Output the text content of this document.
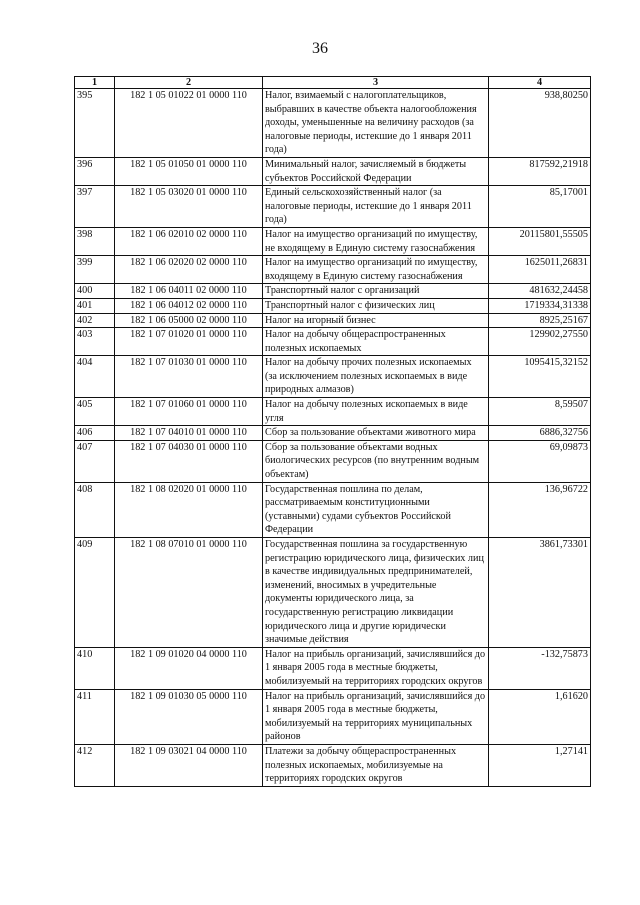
36
1	2	3	4
395	182 1 05 01022 01 0000 110	Налог, взимаемый с налогоплательщиков, выбравших в качестве объекта налогообложения доходы, уменьшенные на величину расходов (за налоговые периоды, истекшие до 1 января 2011 года)	938,80250
396	182 1 05 01050 01 0000 110	Минимальный налог, зачисляемый в бюджеты субъектов Российской Федерации	817592,21918
397	182 1 05 03020 01 0000 110	Единый сельскохозяйственный налог (за налоговые периоды, истекшие до 1 января 2011 года)	85,17001
398	182 1 06 02010 02 0000 110	Налог на имущество организаций по имуществу, не входящему в Единую систему газоснабжения	20115801,55505
399	182 1 06 02020 02 0000 110	Налог на имущество организаций по имуществу, входящему в Единую систему газоснабжения	1625011,26831
400	182 1 06 04011 02 0000 110	Транспортный налог с организаций	481632,24458
401	182 1 06 04012 02 0000 110	Транспортный налог с физических лиц	1719334,31338
402	182 1 06 05000 02 0000 110	Налог на игорный бизнес	8925,25167
403	182 1 07 01020 01 0000 110	Налог на добычу общераспространенных полезных ископаемых	129902,27550
404	182 1 07 01030 01 0000 110	Налог на добычу прочих полезных ископаемых (за исключением полезных ископаемых в виде природных алмазов)	1095415,32152
405	182 1 07 01060 01 0000 110	Налог на добычу полезных ископаемых в виде угля	8,59507
406	182 1 07 04010 01 0000 110	Сбор за пользование объектами животного мира	6886,32756
407	182 1 07 04030 01 0000 110	Сбор за пользование объектами водных биологических ресурсов (по внутренним водным объектам)	69,09873
408	182 1 08 02020 01 0000 110	Государственная пошлина по делам, рассматриваемым конституционными (уставными) судами субъектов Российской Федерации	136,96722
409	182 1 08 07010 01 0000 110	Государственная пошлина за государственную регистрацию юридического лица, физических лиц в качестве индивидуальных предпринимателей, изменений, вносимых в учредительные документы юридического лица, за государственную регистрацию ликвидации юридического лица и другие юридически значимые действия	3861,73301
410	182 1 09 01020 04 0000 110	Налог на прибыль организаций, зачислявшийся до 1 января 2005 года в местные бюджеты, мобилизуемый на территориях городских округов	-132,75873
411	182 1 09 01030 05 0000 110	Налог на прибыль организаций, зачислявшийся до 1 января 2005 года в местные бюджеты, мобилизуемый на территориях муниципальных районов	1,61620
412	182 1 09 03021 04 0000 110	Платежи за добычу общераспространенных полезных ископаемых, мобилизуемые на территориях городских округов	1,27141
